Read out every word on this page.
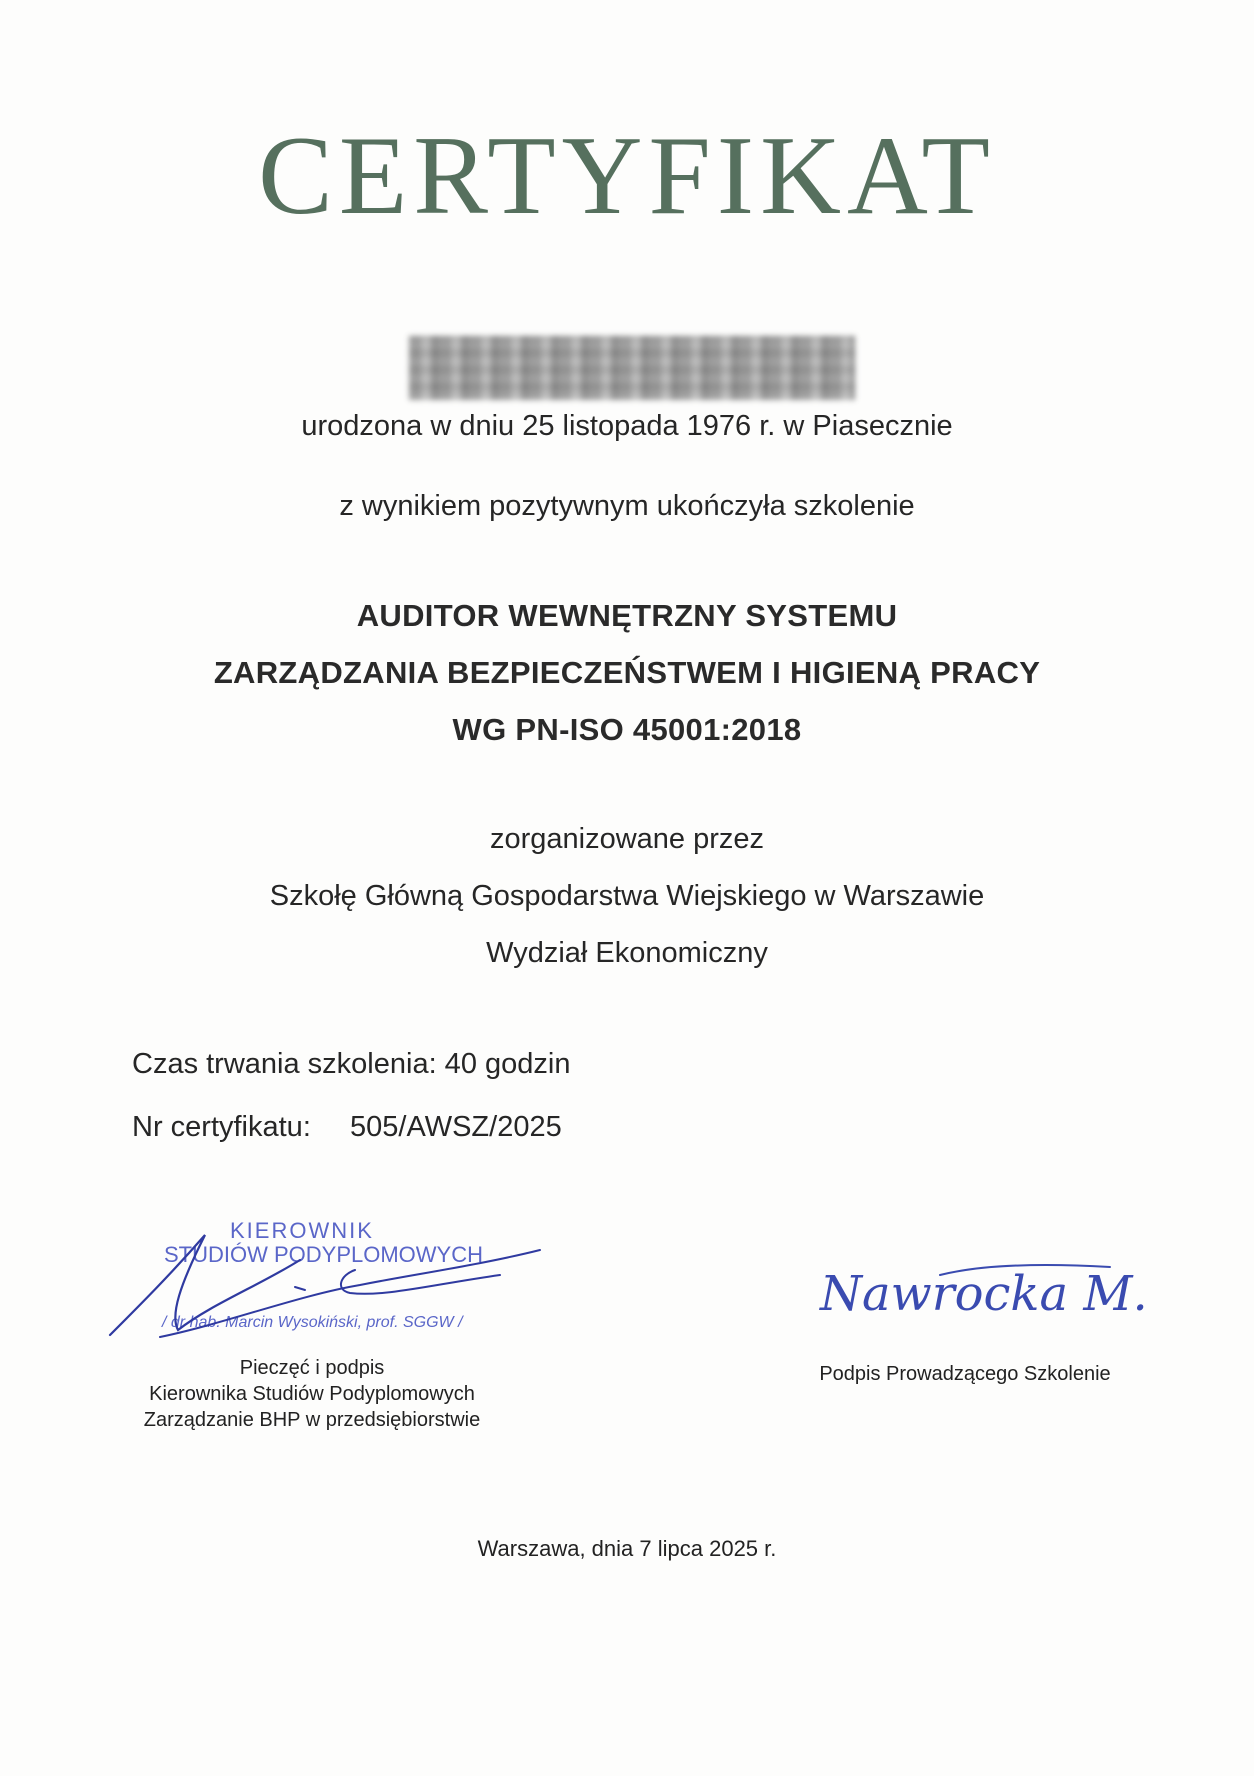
CERTYFIKAT
urodzona w dniu 25 listopada 1976 r. w Piasecznie
z wynikiem pozytywnym ukończyła szkolenie
AUDITOR WEWNĘTRZNY SYSTEMU
ZARZĄDZANIA BEZPIECZEŃSTWEM I HIGIENĄ PRACY
WG PN-ISO 45001:2018
zorganizowane przez
Szkołę Główną Gospodarstwa Wiejskiego w Warszawie
Wydział Ekonomiczny
Czas trwania szkolenia: 40 godzin
Nr certyfikatu: 505/AWSZ/2025
KIEROWNIK
STUDIÓW PODYPLOMOWYCH
/ dr hab. Marcin Wysokiński, prof. SGGW /
Nawrocka M.
Pieczęć i podpis
Kierownika Studiów Podyplomowych
Zarządzanie BHP w przedsiębiorstwie
Podpis Prowadzącego Szkolenie
Warszawa, dnia 7 lipca 2025 r.
